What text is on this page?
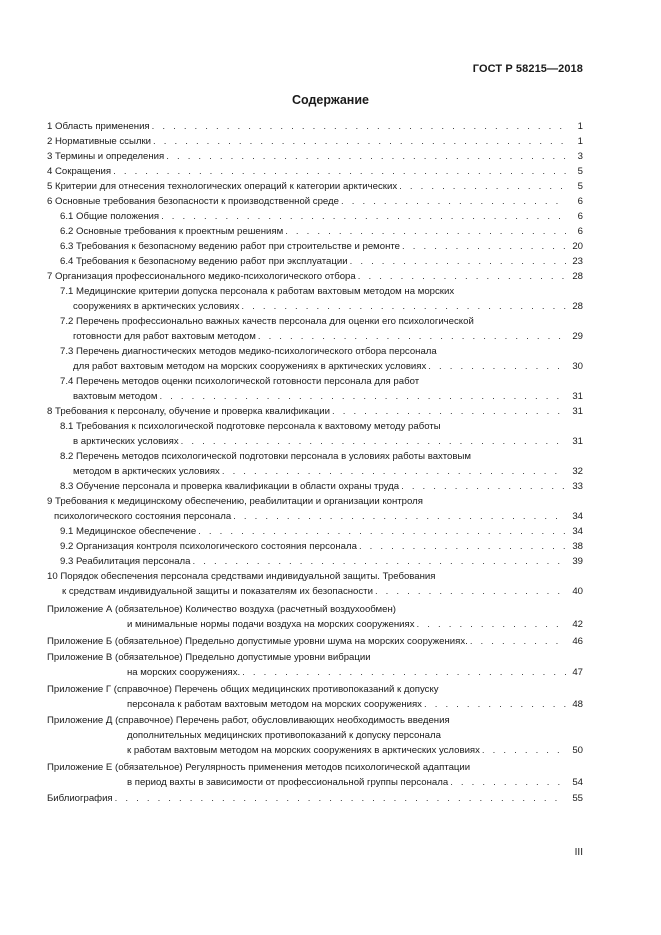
ГОСТ Р 58215—2018
Содержание
1 Область применения . . .	1
2 Нормативные ссылки . . .	1
3 Термины и определения . . .	3
4 Сокращения . . .	5
5 Критерии для отнесения технологических операций к категории арктических . . .	5
6 Основные требования безопасности к производственной среде . . .	6
6.1 Общие положения . . .	6
6.2 Основные требования к проектным решениям . . .	6
6.3 Требования к безопасному ведению работ при строительстве и ремонте . . .	20
6.4 Требования к безопасному ведению работ при эксплуатации . . .	23
7 Организация профессионального медико-психологического отбора . . .	28
7.1 Медицинские критерии допуска персонала к работам вахтовым методом на морских
сооружениях в арктических условиях . . .	28
7.2 Перечень профессионально важных качеств персонала для оценки его психологической
готовности для работ вахтовым методом . . .	29
7.3 Перечень диагностических методов медико-психологического отбора персонала
для работ вахтовым методом на морских сооружениях в арктических условиях . . .	30
7.4 Перечень методов оценки психологической готовности персонала для работ
вахтовым методом . . .	31
8 Требования к персоналу, обучение и проверка квалификации . . .	31
8.1 Требования к психологической подготовке персонала к вахтовому методу работы
в арктических условиях . . .	31
8.2 Перечень методов психологической подготовки персонала в условиях работы вахтовым
методом в арктических условиях . . .	32
8.3 Обучение персонала и проверка квалификации в области охраны труда . . .	33
9 Требования к медицинскому обеспечению, реабилитации и организации контроля
психологического состояния персонала . . .	34
9.1 Медицинское обеспечение . . .	34
9.2 Организация контроля психологического состояния персонала . . .	38
9.3 Реабилитация персонала . . .	39
10 Порядок обеспечения персонала средствами индивидуальной защиты. Требования
к средствам индивидуальной защиты и показателям их безопасности . . .	40
Приложение А (обязательное) Количество воздуха (расчетный воздухообмен)
и минимальные нормы подачи воздуха на морских сооружениях . . .	42
Приложение Б (обязательное) Предельно допустимые уровни шума на морских сооружениях. . . .	46
Приложение В (обязательное) Предельно допустимые уровни вибрации
на морских сооружениях. . . .	47
Приложение Г (справочное) Перечень общих медицинских противопоказаний к допуску
персонала к работам вахтовым методом на морских сооружениях . . .	48
Приложение Д (справочное) Перечень работ, обусловливающих необходимость введения
дополнительных медицинских противопоказаний к допуску персонала
к работам вахтовым методом на морских сооружениях в арктических условиях . . .	50
Приложение Е (обязательное) Регулярность применения методов психологической адаптации
в период вахты в зависимости от профессиональной группы персонала . . .	54
Библиография . . .	55
III
